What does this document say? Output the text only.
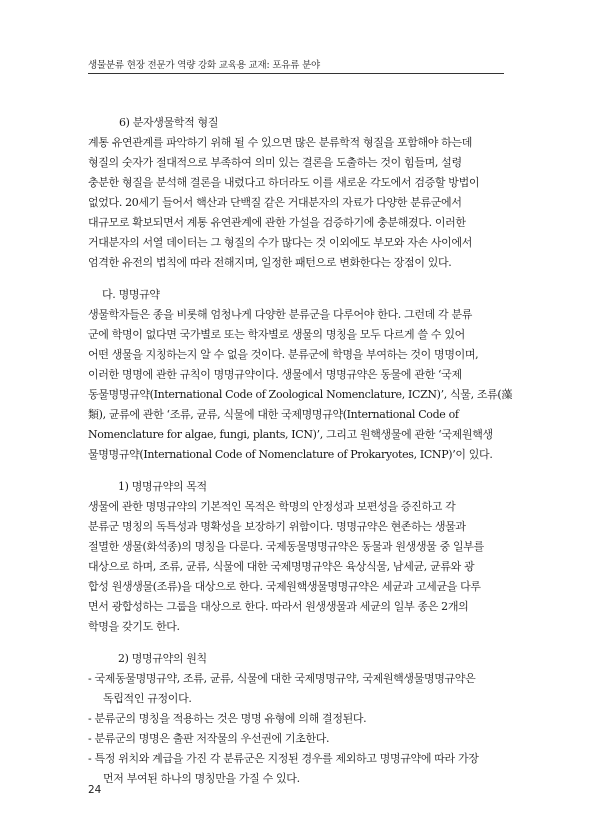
생물분류 현장 전문가 역량 강화 교육용 교재: 포유류 분야
6) 분자생물학적 형질
계통 유연관계를 파악하기 위해 될 수 있으면 많은 분류학적 형질을 포함해야 하는데
형질의 숫자가 절대적으로 부족하여 의미 있는 결론을 도출하는 것이 힘들며, 설령
충분한 형질을 분석해 결론을 내렸다고 하더라도 이를 새로운 각도에서 검증할 방법이
없었다. 20세기 들어서 핵산과 단백질 같은 거대분자의 자료가 다양한 분류군에서
대규모로 확보되면서 계통 유연관계에 관한 가설을 검증하기에 충분해졌다. 이러한
거대분자의 서열 데이터는 그 형질의 수가 많다는 것 이외에도 부모와 자손 사이에서
엄격한 유전의 법칙에 따라 전해지며, 일정한 패턴으로 변화한다는 장점이 있다.
다. 명명규약
생물학자들은 종을 비롯해 엄청나게 다양한 분류군을 다루어야 한다. 그런데 각 분류
군에 학명이 없다면 국가별로 또는 학자별로 생물의 명칭을 모두 다르게 쓸 수 있어
어떤 생물을 지칭하는지 알 수 없을 것이다. 분류군에 학명을 부여하는 것이 명명이며,
이러한 명명에 관한 규칙이 명명규약이다. 생물에서 명명규약은 동물에 관한 ‘국제
동물명명규약(International Code of Zoological Nomenclature, ICZN)’, 식물, 조류(藻
類), 균류에 관한 ‘조류, 균류, 식물에 대한 국제명명규약(International Code of
Nomenclature for algae, fungi, plants, ICN)’, 그리고 원핵생물에 관한 ‘국제원핵생
물명명규약(International Code of Nomenclature of Prokaryotes, ICNP)’이 있다.
1) 명명규약의 목적
생물에 관한 명명규약의 기본적인 목적은 학명의 안정성과 보편성을 증진하고 각
분류군 명칭의 독특성과 명확성을 보장하기 위함이다. 명명규약은 현존하는 생물과
절멸한 생물(화석종)의 명칭을 다룬다. 국제동물명명규약은 동물과 원생생물 중 일부를
대상으로 하며, 조류, 균류, 식물에 대한 국제명명규약은 육상식물, 남세균, 균류와 광
합성 원생생물(조류)을 대상으로 한다. 국제원핵생물명명규약은 세균과 고세균을 다루
면서 광합성하는 그룹을 대상으로 한다. 따라서 원생생물과 세균의 일부 종은 2개의
학명을 갖기도 한다.
2) 명명규약의 원칙
- 국제동물명명규약, 조류, 균류, 식물에 대한 국제명명규약, 국제원핵생물명명규약은
독립적인 규정이다.
- 분류군의 명칭을 적용하는 것은 명명 유형에 의해 결정된다.
- 분류군의 명명은 출판 저작물의 우선권에 기초한다.
- 특정 위치와 계급을 가진 각 분류군은 지정된 경우를 제외하고 명명규약에 따라 가장
먼저 부여된 하나의 명칭만을 가질 수 있다.
24
